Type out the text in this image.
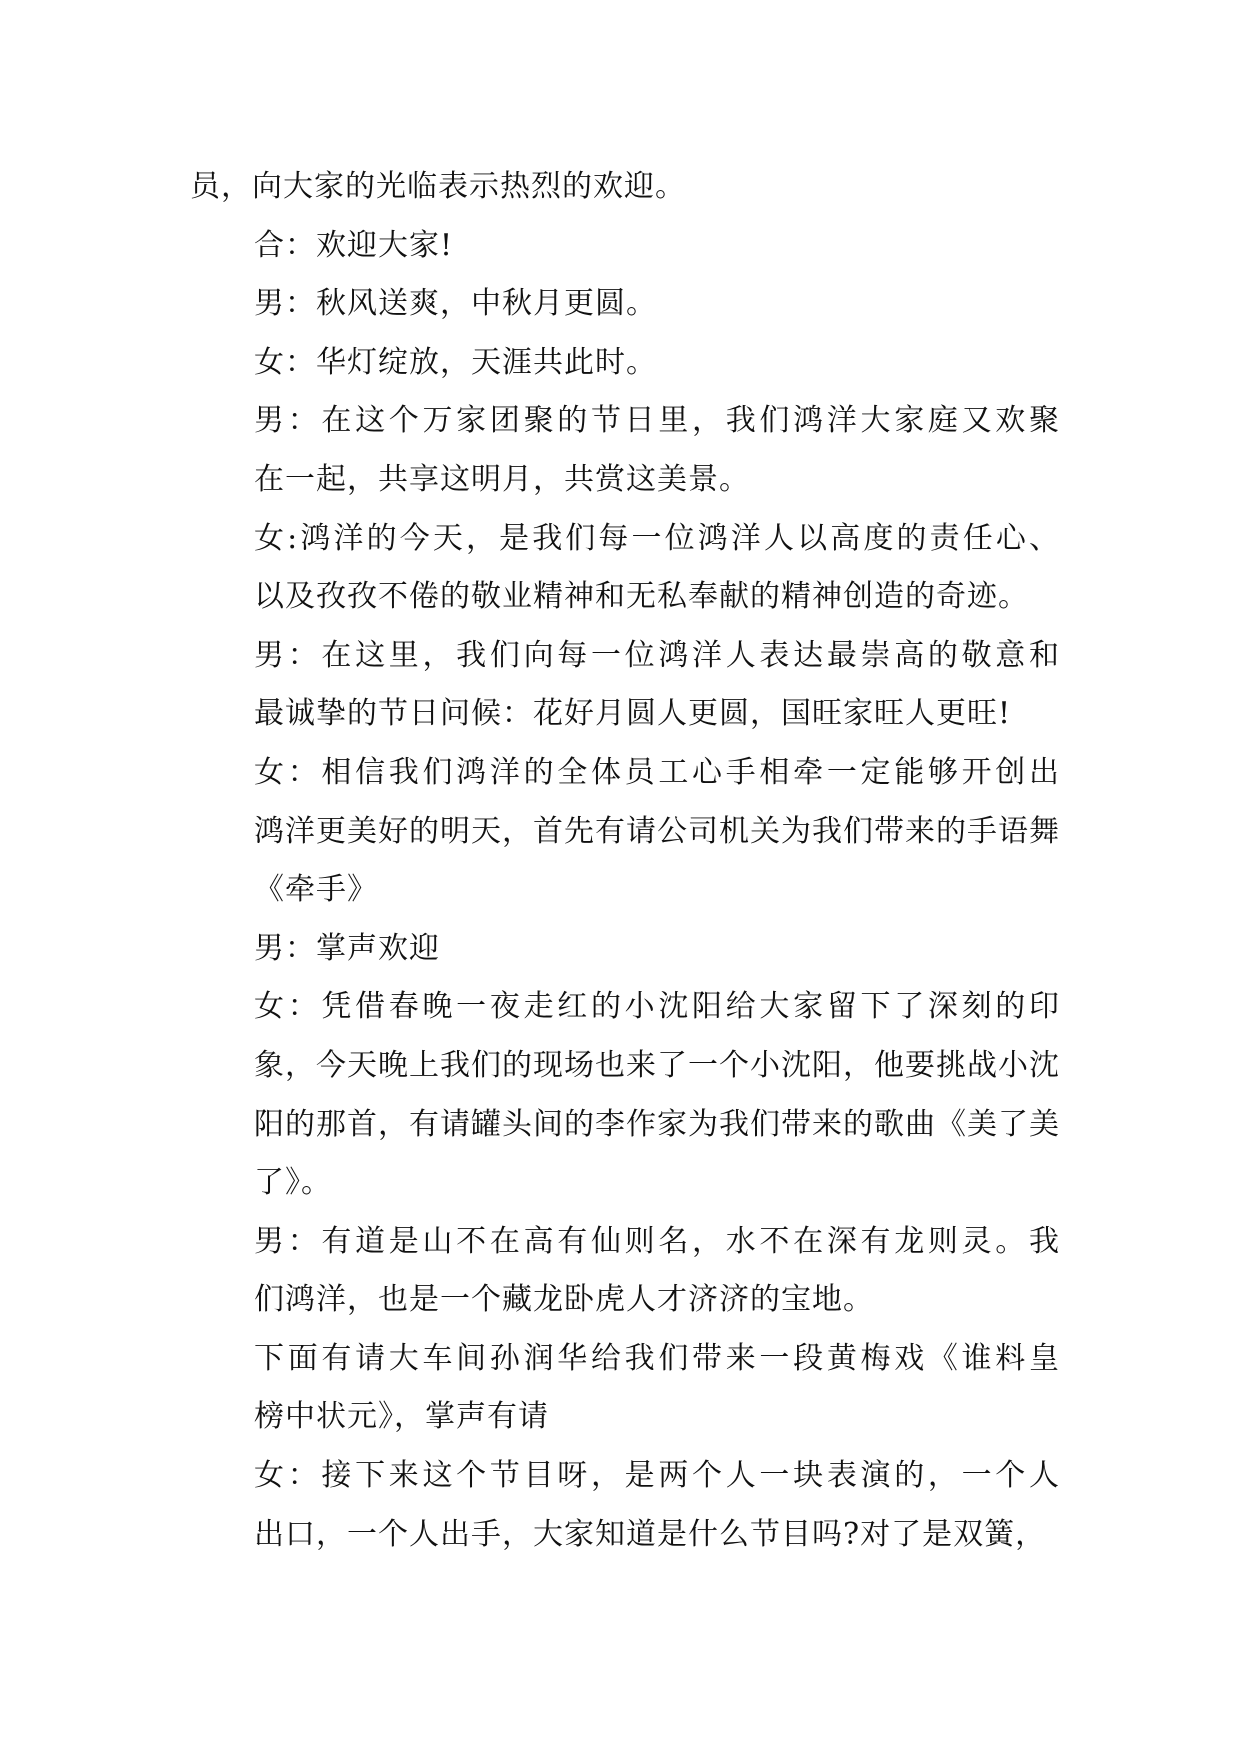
员，向大家的光临表示热烈的欢迎。

合：欢迎大家!

男：秋风送爽，中秋月更圆。

女：华灯绽放，天涯共此时。

男：在这个万家团聚的节日里，我们鸿洋大家庭又欢聚
在一起，共享这明月，共赏这美景。

女:鸿洋的今天，是我们每一位鸿洋人以高度的责任心、
以及孜孜不倦的敬业精神和无私奉献的精神创造的奇迹。

男：在这里，我们向每一位鸿洋人表达最崇高的敬意和
最诚挚的节日问候：花好月圆人更圆，国旺家旺人更旺!

女：相信我们鸿洋的全体员工心手相牵一定能够开创出
鸿洋更美好的明天，首先有请公司机关为我们带来的手语舞
《牵手》

男：掌声欢迎

女：凭借春晚一夜走红的小沈阳给大家留下了深刻的印
象，今天晚上我们的现场也来了一个小沈阳，他要挑战小沈
阳的那首，有请罐头间的李作家为我们带来的歌曲《美了美
了》。

男：有道是山不在高有仙则名，水不在深有龙则灵。我
们鸿洋，也是一个藏龙卧虎人才济济的宝地。

下面有请大车间孙润华给我们带来一段黄梅戏《谁料皇
榜中状元》，掌声有请

女：接下来这个节目呀，是两个人一块表演的，一个人
出口，一个人出手，大家知道是什么节目吗?对了是双簧，
